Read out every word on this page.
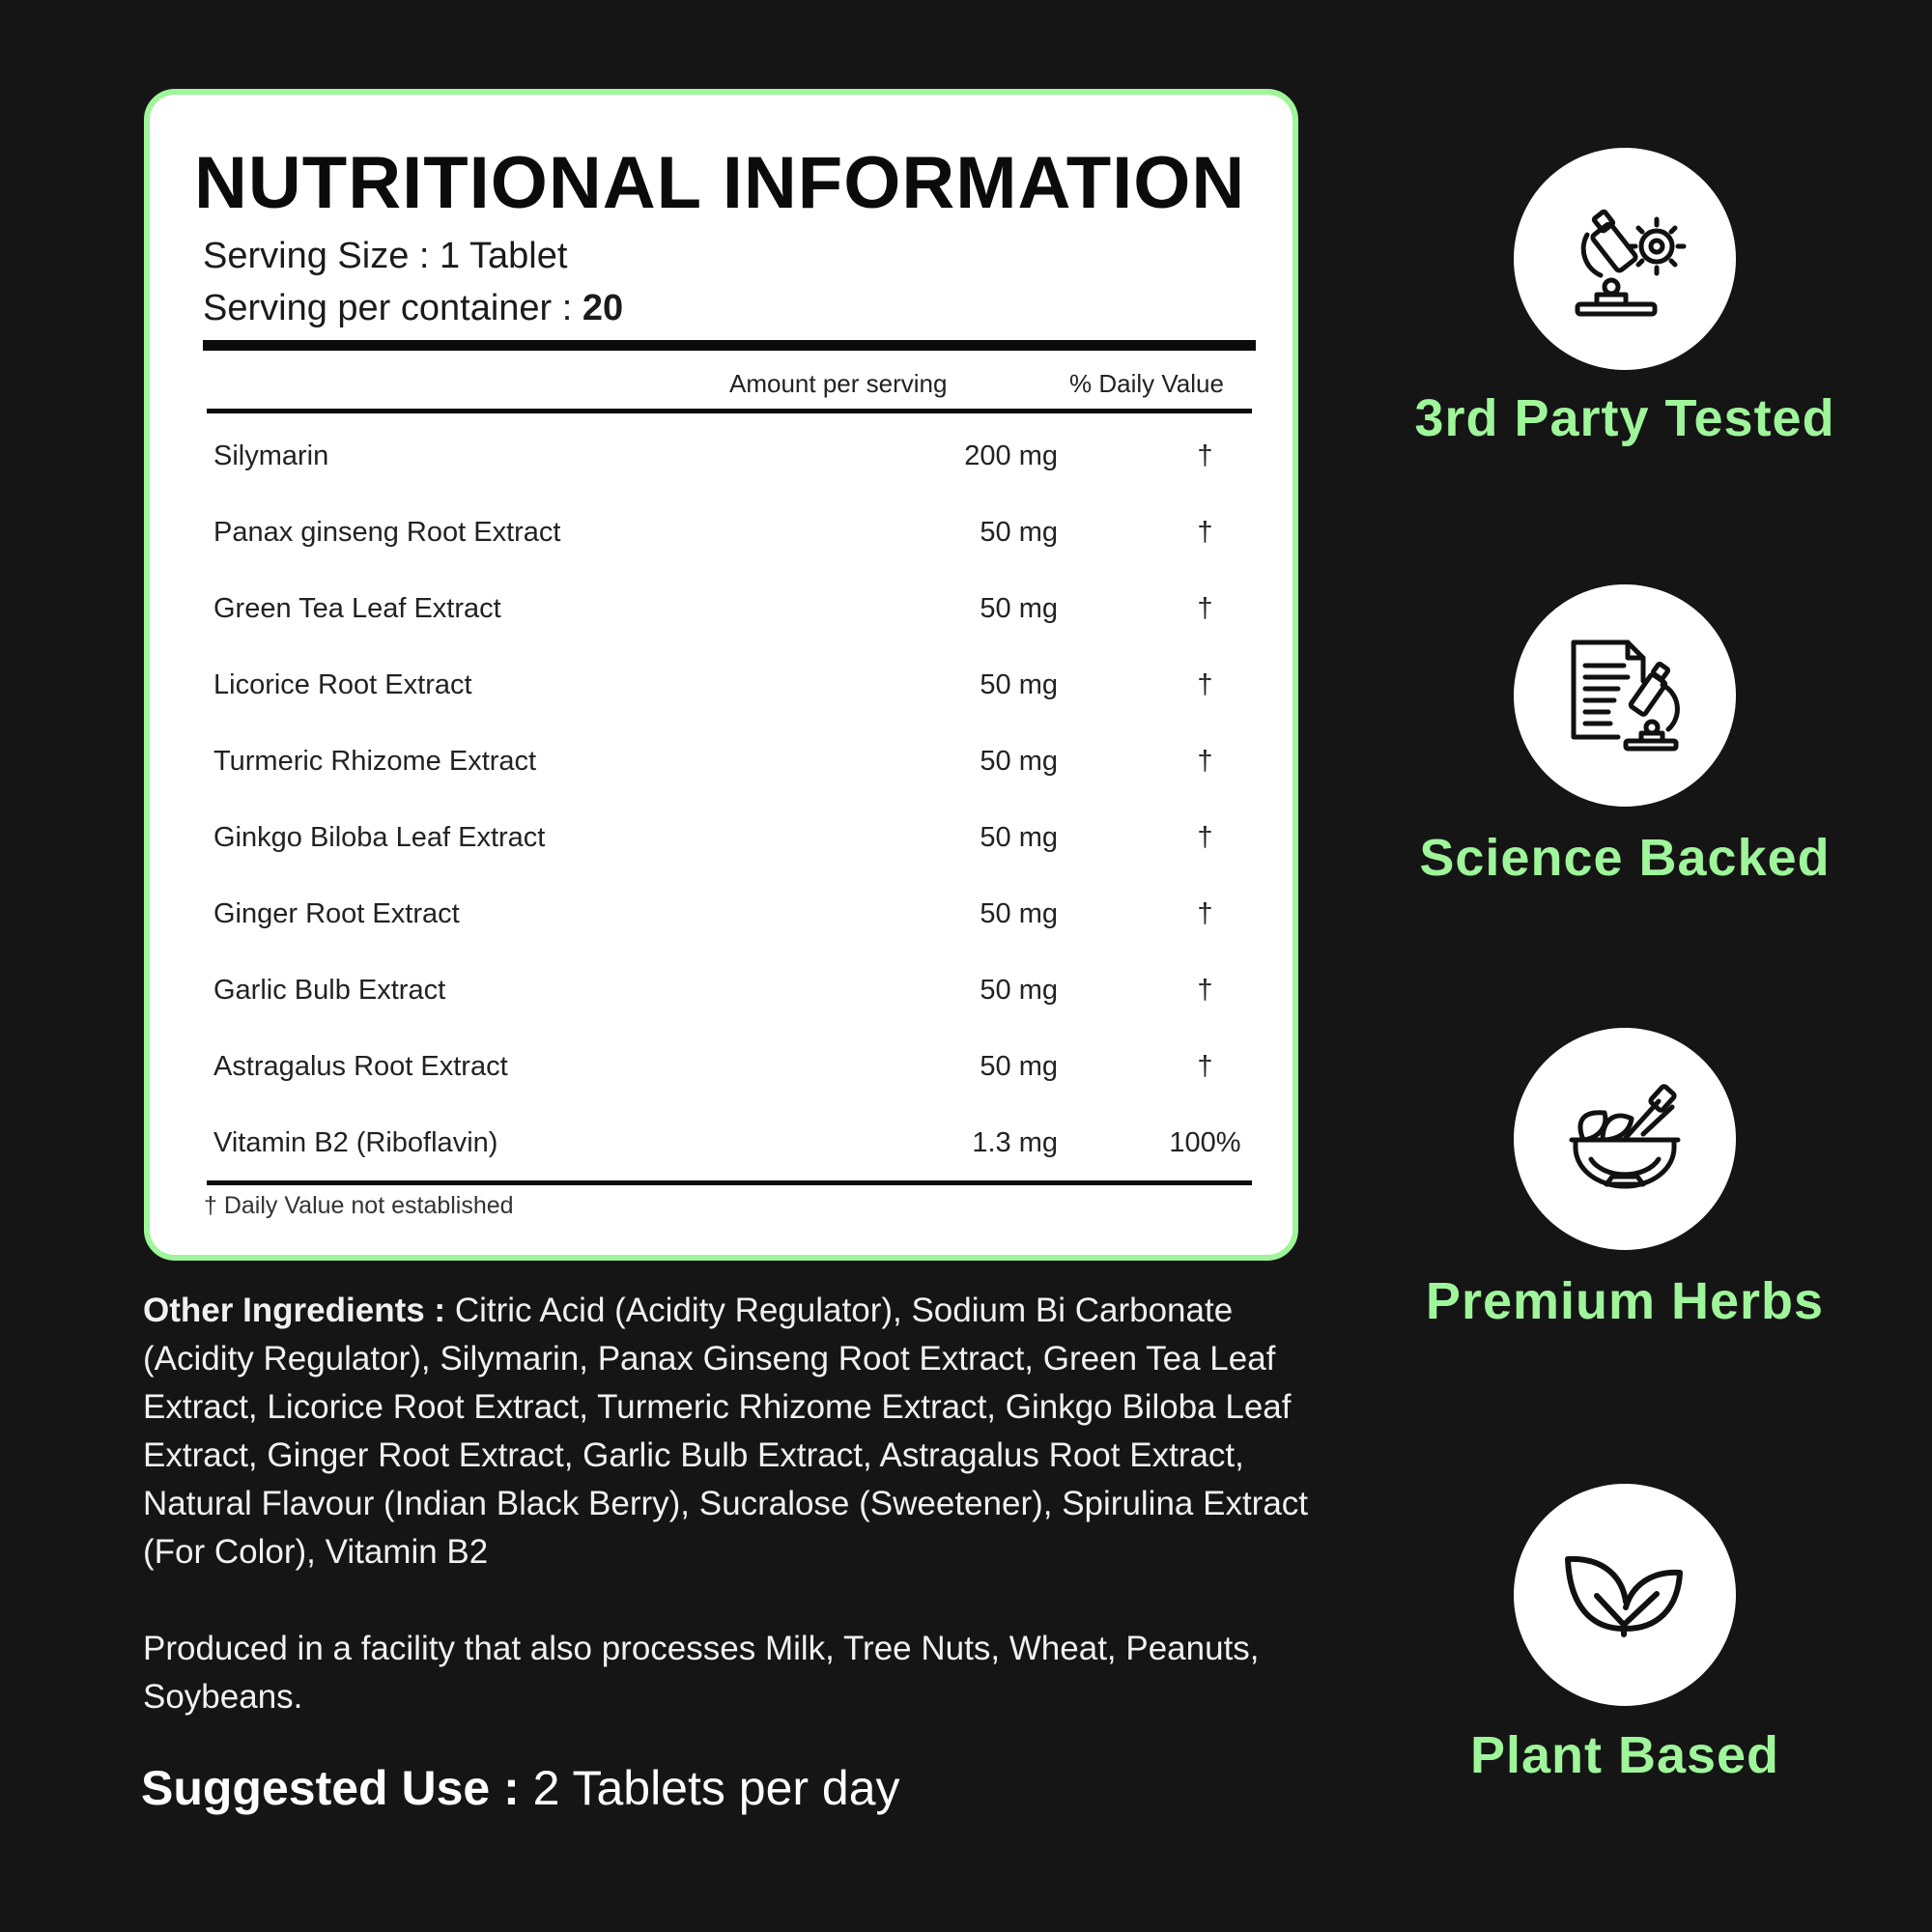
NUTRITIONAL INFORMATION
Serving Size : 1 Tablet
Serving per container : 20
Amount per serving	% Daily Value
Silymarin	200 mg	†
Panax ginseng Root Extract	50 mg	†
Green Tea Leaf Extract	50 mg	†
Licorice Root Extract	50 mg	†
Turmeric Rhizome Extract	50 mg	†
Ginkgo Biloba Leaf Extract	50 mg	†
Ginger Root Extract	50 mg	†
Garlic Bulb Extract	50 mg	†
Astragalus Root Extract	50 mg	†
Vitamin B2 (Riboflavin)	1.3 mg	100%
† Daily Value not established
Other Ingredients : Citric Acid (Acidity Regulator), Sodium Bi Carbonate (Acidity Regulator), Silymarin, Panax Ginseng Root Extract, Green Tea Leaf Extract, Licorice Root Extract, Turmeric Rhizome Extract, Ginkgo Biloba Leaf Extract, Ginger Root Extract, Garlic Bulb Extract, Astragalus Root Extract, Natural Flavour (Indian Black Berry), Sucralose (Sweetener), Spirulina Extract (For Color), Vitamin B2
Produced in a facility that also processes Milk, Tree Nuts, Wheat, Peanuts, Soybeans.
Suggested Use : 2 Tablets per day
3rd Party Tested
Science Backed
Premium Herbs
Plant Based
